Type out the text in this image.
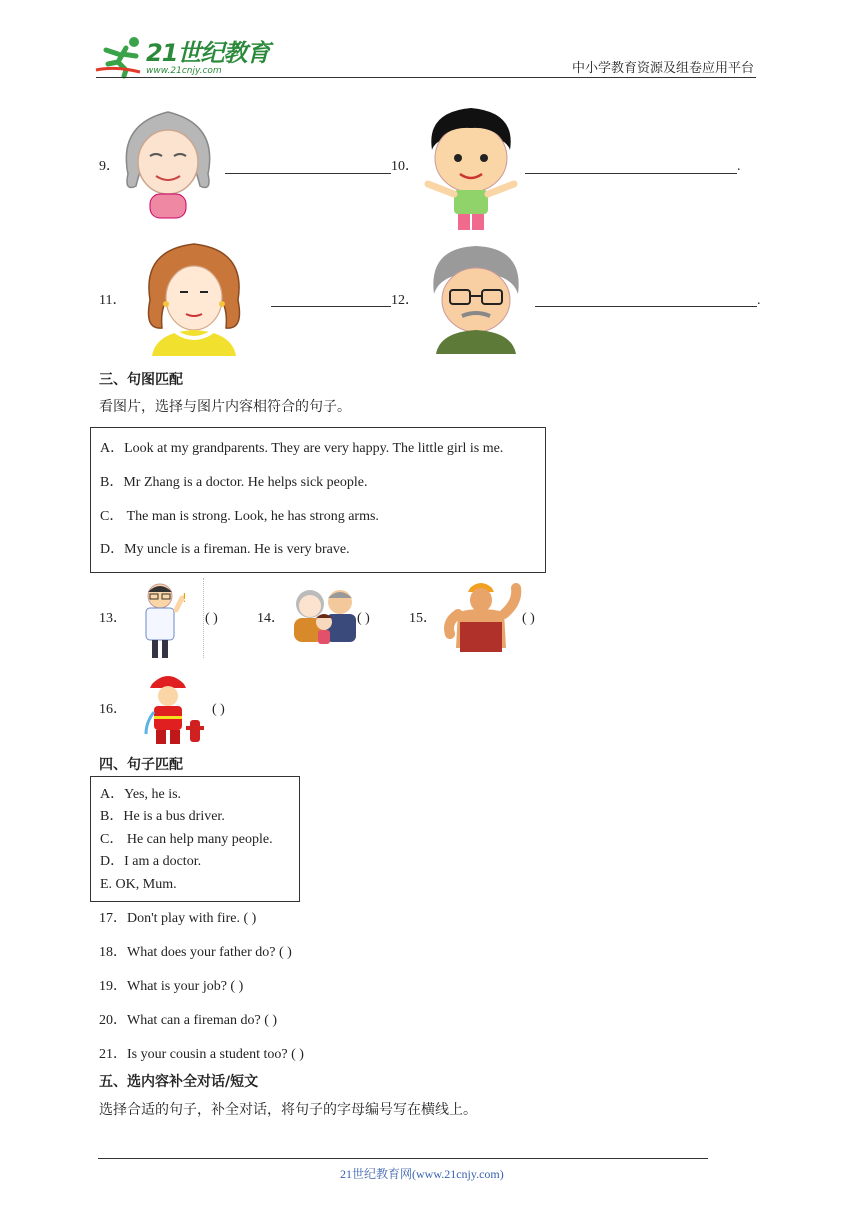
21世纪教育
www.21cnjy.com	中小学教育资源及组卷应用平台
9．	10．	.
11．	12．	.
三、句图匹配
看图片，选择与图片内容相符合的句子。
A．Look at my grandparents. They are very happy. The little girl is me.
B．Mr Zhang is a doctor. He helps sick people.
C． The man is strong. Look, he has strong arms.
D．My uncle is a fireman. He is very brave.
13．
!
( )	14．	( )	15．	( )
16．	( )
四、句子匹配
A．Yes, he is.
B．He is a bus driver.
C． He can help many people.
D．I am a doctor.
E. OK, Mum.
17．Don't play with fire. ( )
18．What does your father do? ( )
19．What is your job? ( )
20．What can a fireman do? ( )
21．Is your cousin a student too? ( )
五、选内容补全对话/短文
选择合适的句子，补全对话，将句子的字母编号写在横线上。
21世纪教育网(www.21cnjy.com)
